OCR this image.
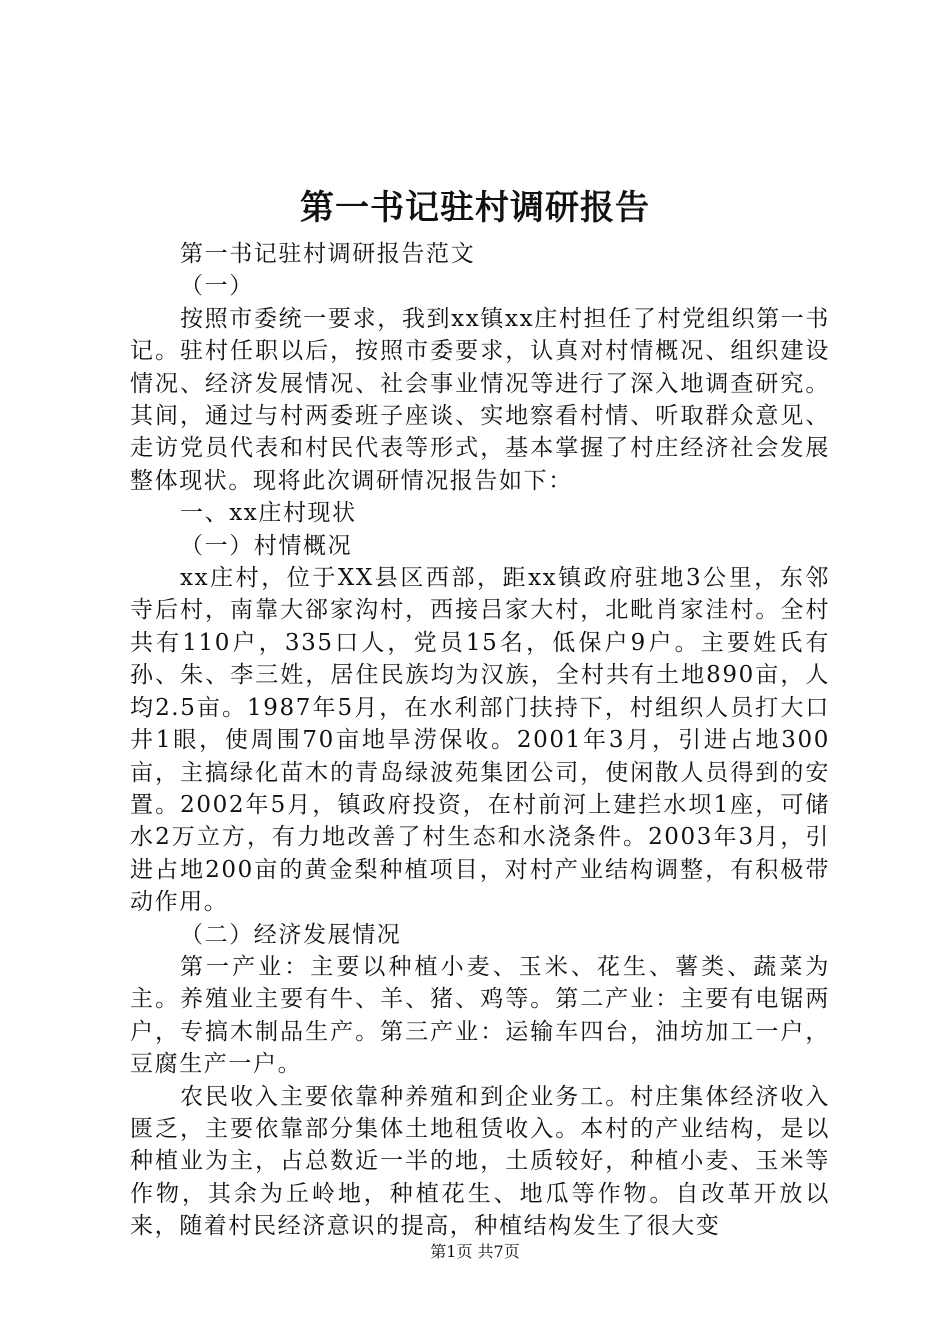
第一书记驻村调研报告

第一书记驻村调研报告范文

（一）

按照市委统一要求，我到xx镇xx庄村担任了村党组织第一书记。驻村任职以后，按照市委要求，认真对村情概况、组织建设情况、经济发展情况、社会事业情况等进行了深入地调查研究。其间，通过与村两委班子座谈、实地察看村情、听取群众意见、走访党员代表和村民代表等形式，基本掌握了村庄经济社会发展整体现状。现将此次调研情况报告如下：

一、xx庄村现状

（一）村情概况

xx庄村，位于XX县区西部，距xx镇政府驻地3公里，东邻寺后村，南靠大郤家沟村，西接吕家大村，北毗肖家洼村。全村共有110户，335口人，党员15名，低保户9户。主要姓氏有孙、朱、李三姓，居住民族均为汉族，全村共有土地890亩，人均2.5亩。1987年5月，在水利部门扶持下，村组织人员打大口井1眼，使周围70亩地旱涝保收。2001年3月，引进占地300亩，主搞绿化苗木的青岛绿波苑集团公司，使闲散人员得到的安置。2002年5月，镇政府投资，在村前河上建拦水坝1座，可储水2万立方，有力地改善了村生态和水浇条件。2003年3月，引进占地200亩的黄金梨种植项目，对村产业结构调整，有积极带动作用。

（二）经济发展情况

第一产业：主要以种植小麦、玉米、花生、薯类、蔬菜为主。养殖业主要有牛、羊、猪、鸡等。第二产业：主要有电锯两户，专搞木制品生产。第三产业：运输车四台，油坊加工一户，豆腐生产一户。

农民收入主要依靠种养殖和到企业务工。村庄集体经济收入匮乏，主要依靠部分集体土地租赁收入。本村的产业结构，是以种植业为主，占总数近一半的地，土质较好，种植小麦、玉米等作物，其余为丘岭地，种植花生、地瓜等作物。自改革开放以来，随着村民经济意识的提高，种植结构发生了很大变

第1页 共7页
